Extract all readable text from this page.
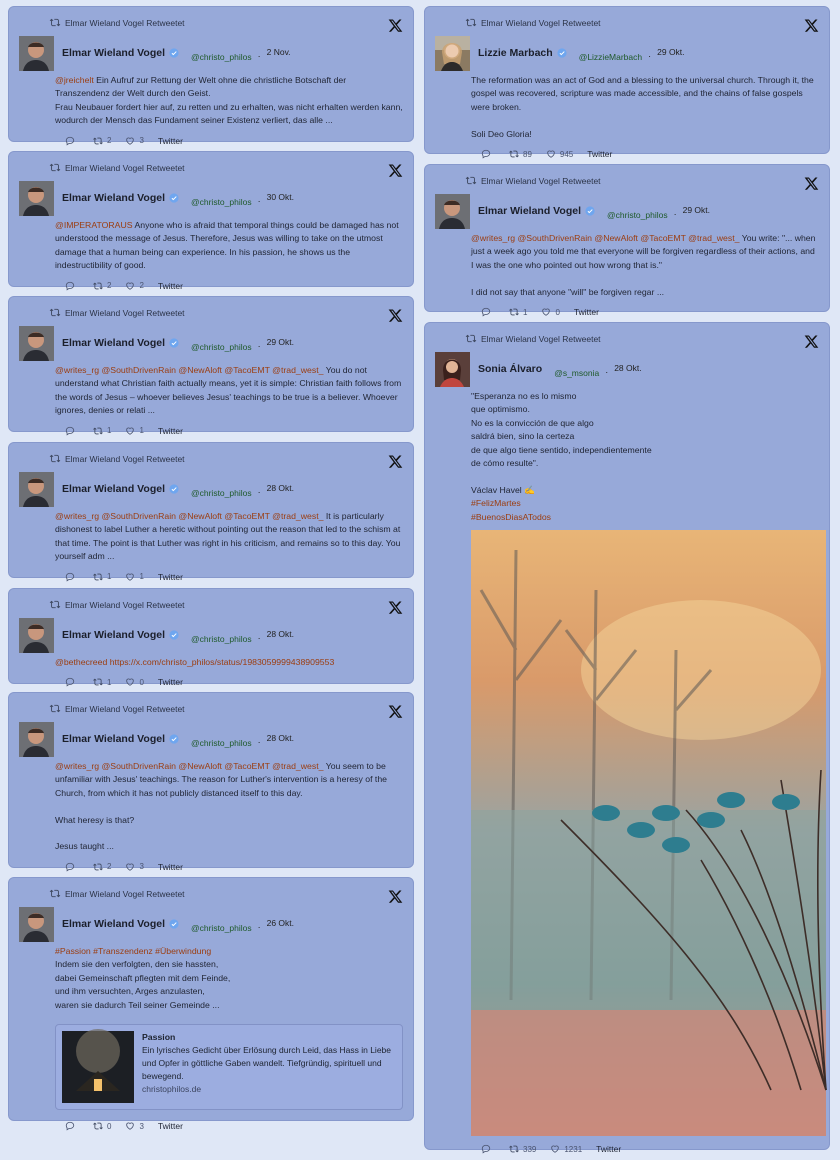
Elmar Wieland Vogel Retweetet
Elmar Wieland Vogel	@christo_philos · 2 Nov.
@jreichelt Ein Aufruf zur Rettung der Welt ohne die christliche Botschaft der Transzendenz der Welt durch den Geist.
Frau Neubauer fordert hier auf, zu retten und zu erhalten, was nicht erhalten werden kann, wodurch der Mensch das Fundament seiner Existenz verliert, das alle ...
2	3 Twitter
Elmar Wieland Vogel Retweetet
Elmar Wieland Vogel	@christo_philos · 30 Okt.
@IMPERATORAUS Anyone who is afraid that temporal things could be damaged has not understood the message of Jesus. Therefore, Jesus was willing to take on the utmost damage that a human being can experience. In his passion, he shows us the indestructibility of good.
2	2 Twitter
Elmar Wieland Vogel Retweetet
Elmar Wieland Vogel	@christo_philos · 29 Okt.
@writes_rg @SouthDrivenRain @NewAloft @TacoEMT @trad_west_ You do not understand what Christian faith actually means, yet it is simple: Christian faith follows from the words of Jesus – whoever believes Jesus' teachings to be true is a believer. Whoever ignores, denies or relati ...
1	1 Twitter
Elmar Wieland Vogel Retweetet
Elmar Wieland Vogel	@christo_philos · 28 Okt.
@writes_rg @SouthDrivenRain @NewAloft @TacoEMT @trad_west_ It is particularly dishonest to label Luther a heretic without pointing out the reason that led to the schism at that time. The point is that Luther was right in his criticism, and remains so to this day. You yourself adm ...
1	1 Twitter
Elmar Wieland Vogel Retweetet
Elmar Wieland Vogel	@christo_philos · 28 Okt.
@bethecreed https://x.com/christo_philos/status/1983059999438909553
1	0 Twitter
Elmar Wieland Vogel Retweetet
Elmar Wieland Vogel	@christo_philos · 28 Okt.
@writes_rg @SouthDrivenRain @NewAloft @TacoEMT @trad_west_ You seem to be unfamiliar with Jesus' teachings. The reason for Luther's intervention is a heresy of the Church, from which it has not publicly distanced itself to this day.

What heresy is that?

Jesus taught ...
2	3 Twitter
Elmar Wieland Vogel Retweetet
Elmar Wieland Vogel	@christo_philos · 26 Okt.
#Passion #Transzendenz #Überwindung
Indem sie den verfolgten, den sie hassten,
dabei Gemeinschaft pflegten mit dem Feinde,
und ihm versuchten, Arges anzulasten,
waren sie dadurch Teil seiner Gemeinde ...
Passion
Ein lyrisches Gedicht über Erlösung durch Leid, das Hass in Liebe und Opfer in göttliche Gaben wandelt. Tiefgründig, spirituell und bewegend.
christophilos.de
0	3 Twitter
Elmar Wieland Vogel Retweetet
Lizzie Marbach	@LizzieMarbach · 29 Okt.
The reformation was an act of God and a blessing to the universal church. Through it, the gospel was recovered, scripture was made accessible, and the chains of false gospels were broken.

Soli Deo Gloria!
89	945 Twitter
Elmar Wieland Vogel Retweetet
Elmar Wieland Vogel	@christo_philos · 29 Okt.
@writes_rg @SouthDrivenRain @NewAloft @TacoEMT @trad_west_ You write: "... when just a week ago you told me that everyone will be forgiven regardless of their actions, and I was the one who pointed out how wrong that is."

I did not say that anyone "will" be forgiven regar ...
1	0 Twitter
Elmar Wieland Vogel Retweetet
Sonia Álvaro @s_msonia · 28 Okt.
"Esperanza no es lo mismo
que optimismo.
No es la convicción de que algo
saldrá bien, sino la certeza
de que algo tiene sentido, independientemente
de cómo resulte".

Václav Havel ✍️
#FelizMartes
#BuenosDiasATodos
339	1231 Twitter
